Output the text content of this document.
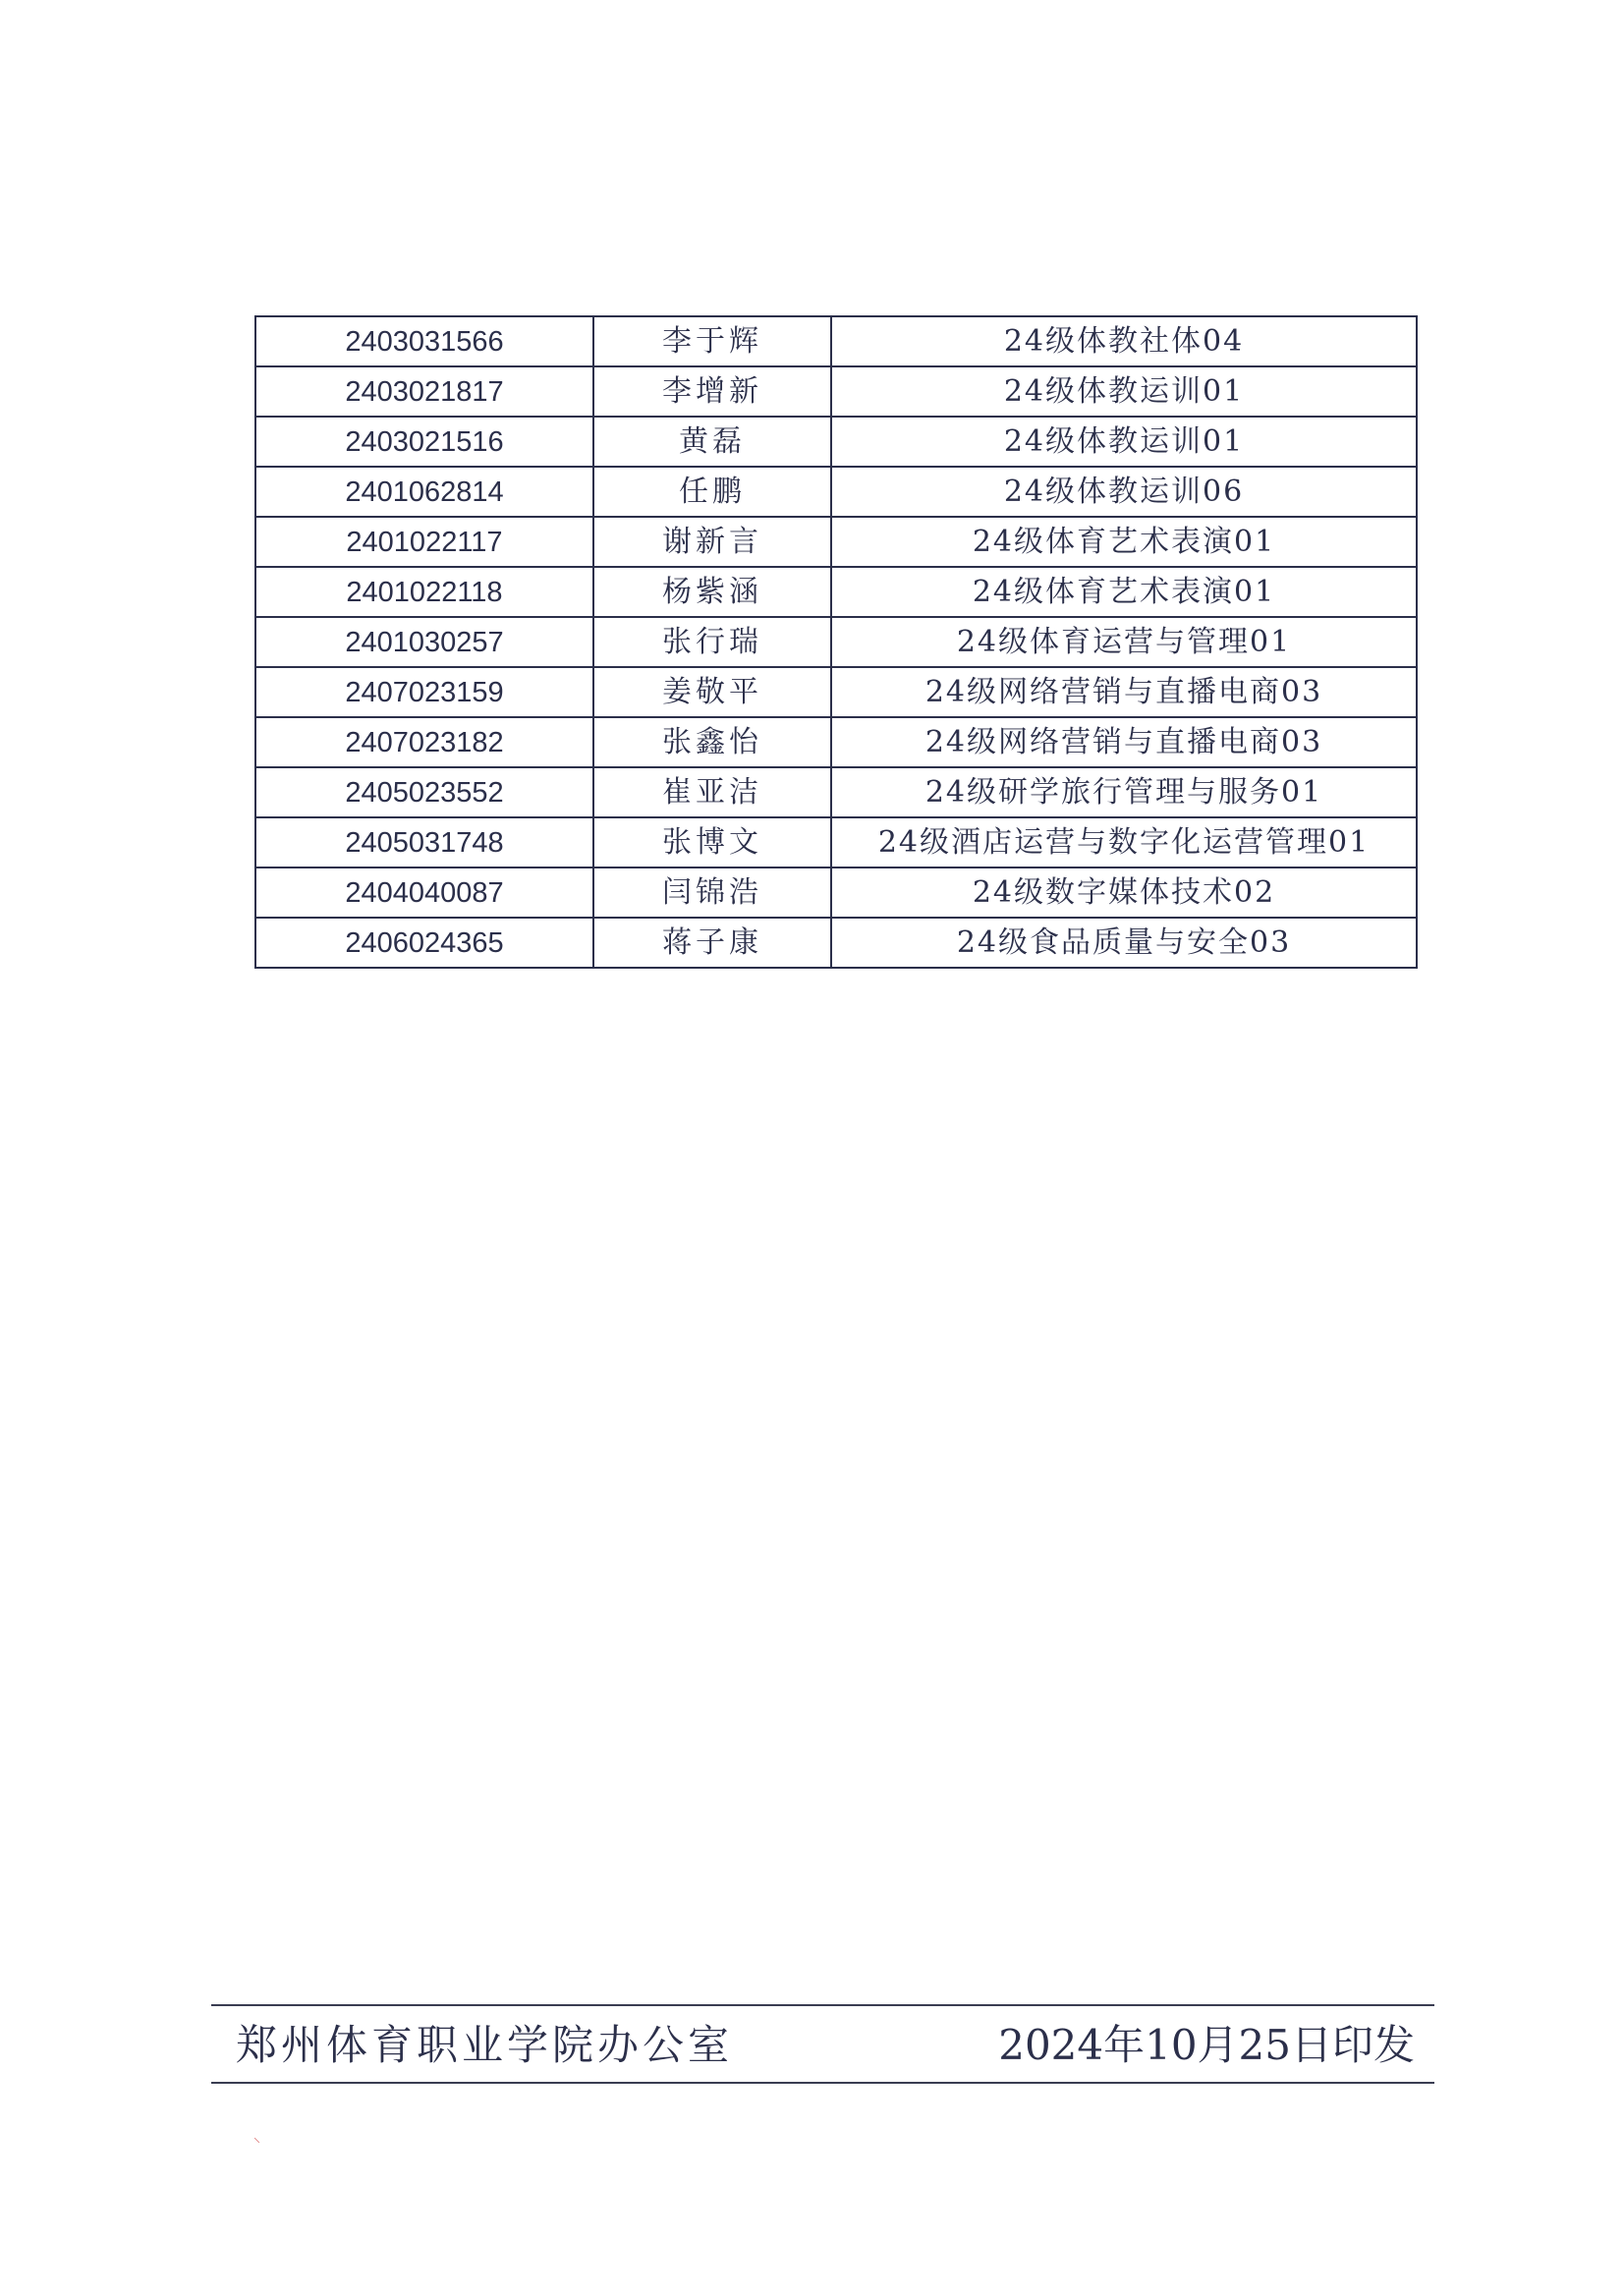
2403031566	李于辉	24级体教社体04
2403021817	李增新	24级体教运训01
2403021516	黄磊	24级体教运训01
2401062814	任鹏	24级体教运训06
2401022117	谢新言	24级体育艺术表演01
2401022118	杨紫涵	24级体育艺术表演01
2401030257	张行瑞	24级体育运营与管理01
2407023159	姜敬平	24级网络营销与直播电商03
2407023182	张鑫怡	24级网络营销与直播电商03
2405023552	崔亚洁	24级研学旅行管理与服务01
2405031748	张博文	24级酒店运营与数字化运营管理01
2404040087	闫锦浩	24级数字媒体技术02
2406024365	蒋子康	24级食品质量与安全03
郑州体育职业学院办公室	2024年10月25日印发
⸜
